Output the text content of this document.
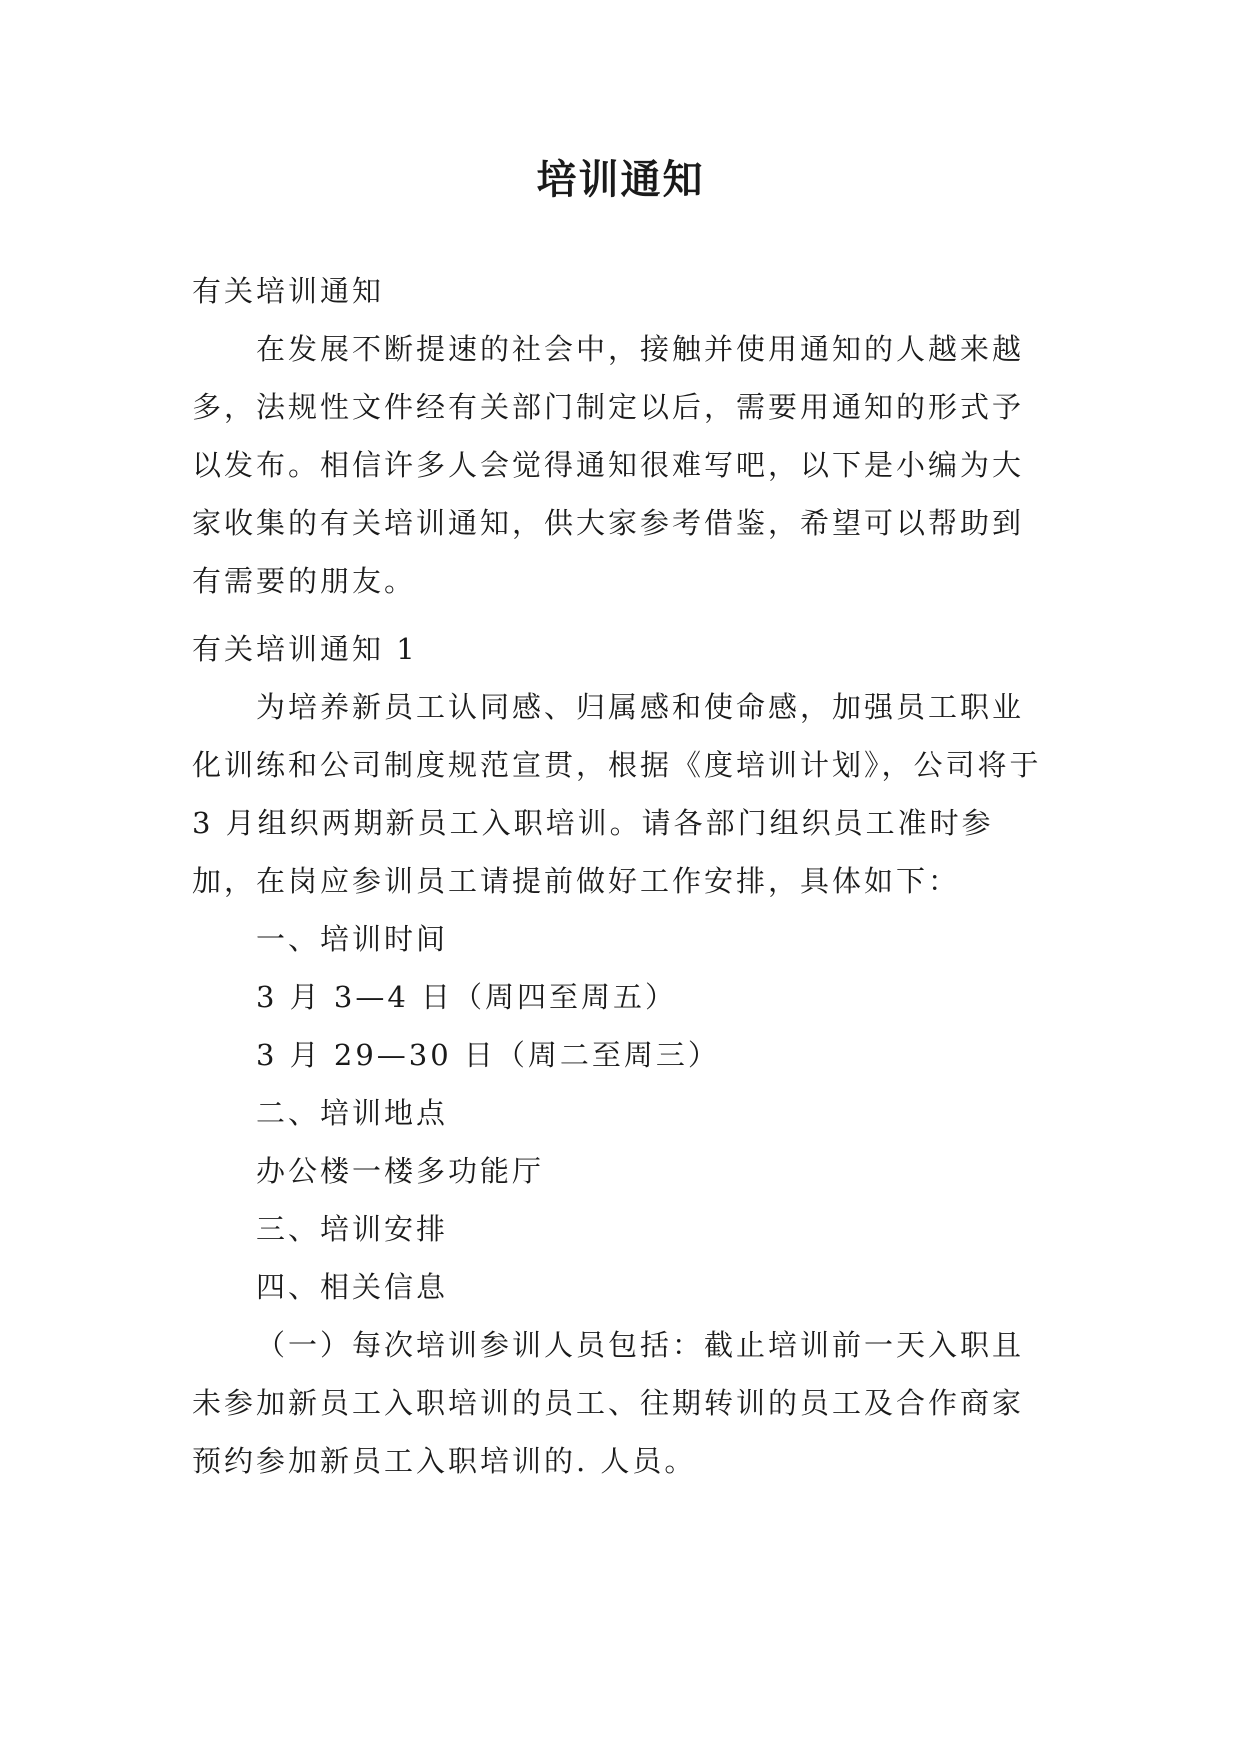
培训通知

有关培训通知

在发展不断提速的社会中，接触并使用通知的人越来越多，法规性文件经有关部门制定以后，需要用通知的形式予以发布。相信许多人会觉得通知很难写吧，以下是小编为大家收集的有关培训通知，供大家参考借鉴，希望可以帮助到有需要的朋友。

有关培训通知 1

为培养新员工认同感、归属感和使命感，加强员工职业化训练和公司制度规范宣贯，根据《度培训计划》，公司将于 3 月组织两期新员工入职培训。请各部门组织员工准时参加，在岗应参训员工请提前做好工作安排，具体如下：

一、培训时间

3 月 3—4 日（周四至周五）

3 月 29—30 日（周二至周三）

二、培训地点

办公楼一楼多功能厅

三、培训安排

四、相关信息

（一）每次培训参训人员包括：截止培训前一天入职且未参加新员工入职培训的员工、往期转训的员工及合作商家预约参加新员工入职培训的. 人员。
